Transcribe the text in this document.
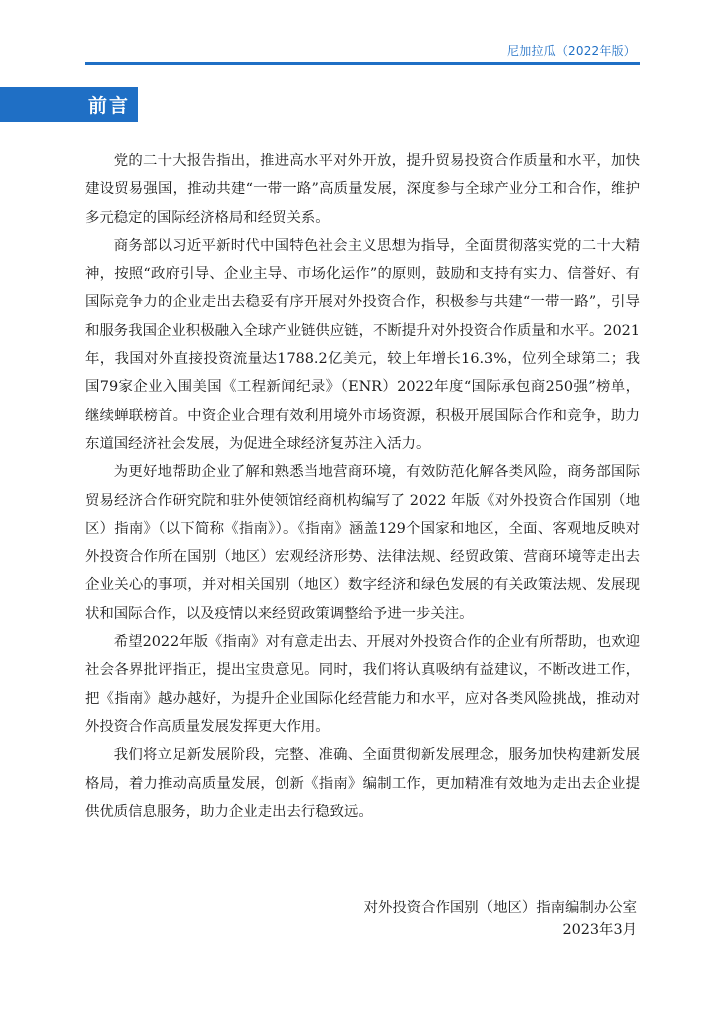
尼加拉瓜（2022年版）
前言

党的二十大报告指出，推进高水平对外开放，提升贸易投资合作质量和水平，加快建设贸易强国，推动共建“一带一路”高质量发展，深度参与全球产业分工和合作，维护多元稳定的国际经济格局和经贸关系。

商务部以习近平新时代中国特色社会主义思想为指导，全面贯彻落实党的二十大精神，按照“政府引导、企业主导、市场化运作”的原则，鼓励和支持有实力、信誉好、有国际竞争力的企业走出去稳妥有序开展对外投资合作，积极参与共建“一带一路”，引导和服务我国企业积极融入全球产业链供应链，不断提升对外投资合作质量和水平。2021年，我国对外直接投资流量达1788.2亿美元，较上年增长16.3%，位列全球第二；我国79家企业入围美国《工程新闻纪录》（ENR）2022年度“国际承包商250强”榜单，继续蝉联榜首。中资企业合理有效利用境外市场资源，积极开展国际合作和竞争，助力东道国经济社会发展，为促进全球经济复苏注入活力。

为更好地帮助企业了解和熟悉当地营商环境，有效防范化解各类风险，商务部国际贸易经济合作研究院和驻外使领馆经商机构编写了 2022 年版《对外投资合作国别（地区）指南》（以下简称《指南》）。《指南》涵盖129个国家和地区，全面、客观地反映对外投资合作所在国别（地区）宏观经济形势、法律法规、经贸政策、营商环境等走出去企业关心的事项，并对相关国别（地区）数字经济和绿色发展的有关政策法规、发展现状和国际合作，以及疫情以来经贸政策调整给予进一步关注。

希望2022年版《指南》对有意走出去、开展对外投资合作的企业有所帮助，也欢迎社会各界批评指正，提出宝贵意见。同时，我们将认真吸纳有益建议，不断改进工作，把《指南》越办越好，为提升企业国际化经营能力和水平，应对各类风险挑战，推动对外投资合作高质量发展发挥更大作用。

我们将立足新发展阶段，完整、准确、全面贯彻新发展理念，服务加快构建新发展格局，着力推动高质量发展，创新《指南》编制工作，更加精准有效地为走出去企业提供优质信息服务，助力企业走出去行稳致远。

对外投资合作国别（地区）指南编制办公室
2023年3月
